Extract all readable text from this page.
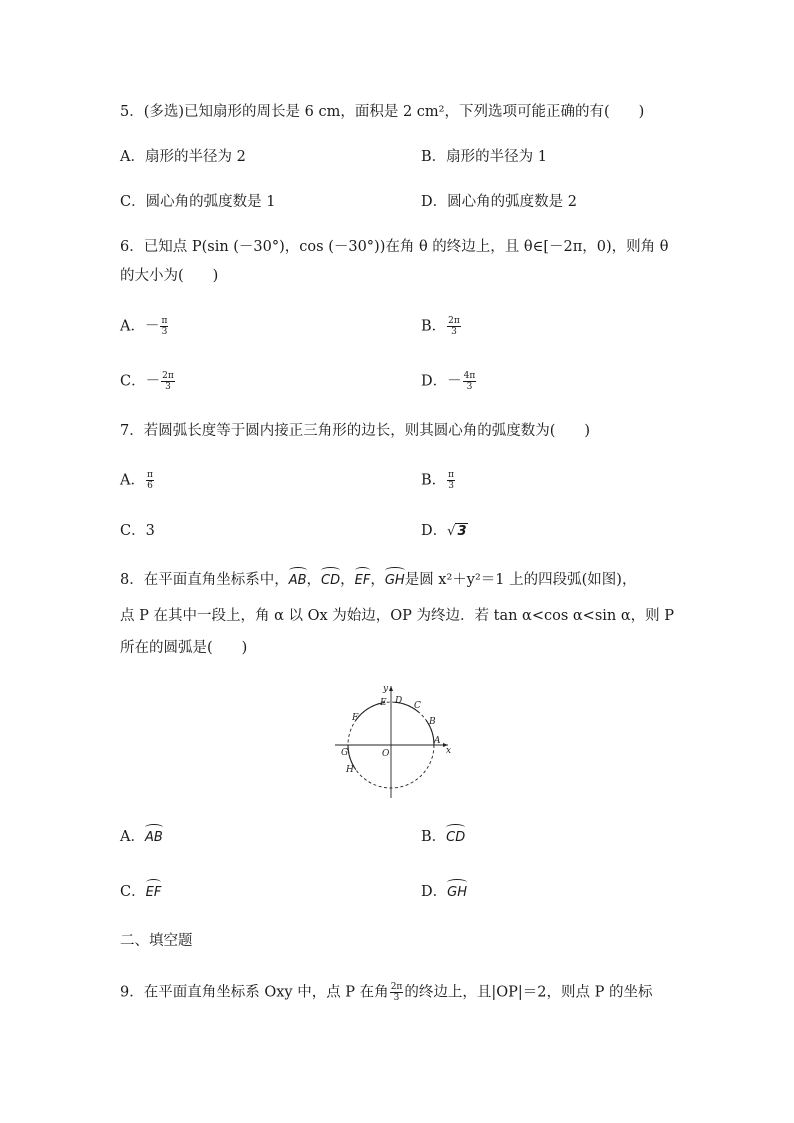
5．(多选)已知扇形的周长是 6 cm，面积是 2 cm²，下列选项可能正确的有(　　)
A．扇形的半径为 2	B．扇形的半径为 1
C．圆心角的弧度数是 1	D．圆心角的弧度数是 2
6．已知点 P(sin (－30°)，cos (－30°))在角 θ 的终边上，且 θ∈[－2π，0)，则角 θ
的大小为(　　)
A．－ $\frac{\pi}{3}$	B． $\frac{2\pi}{3}$
C．－ $\frac{2\pi}{3}$	D．－ $\frac{4\pi}{3}$
7．若圆弧长度等于圆内接正三角形的边长，则其圆心角的弧度数为(　　)
A． $\frac{\pi}{6}$	B． $\frac{\pi}{3}$
C．3	D．√ 3
8．在平面直角坐标系中，AB，CD，EF，GH是圆 x²＋y²＝1 上的四段弧(如图)，
点 P 在其中一段上，角 α 以 Ox 为始边，OP 为终边．若 tan α<cos α<sin α，则 P
所在的圆弧是(　　)
y
x
O
A
B
C
D
E
F
G
H
A．AB	B．CD
C．EF	D．GH
二、填空题
9．在平面直角坐标系 Oxy 中，点 P 在角 $\frac{2\pi}{3}$ 的终边上，且|OP|＝2，则点 P 的坐标
